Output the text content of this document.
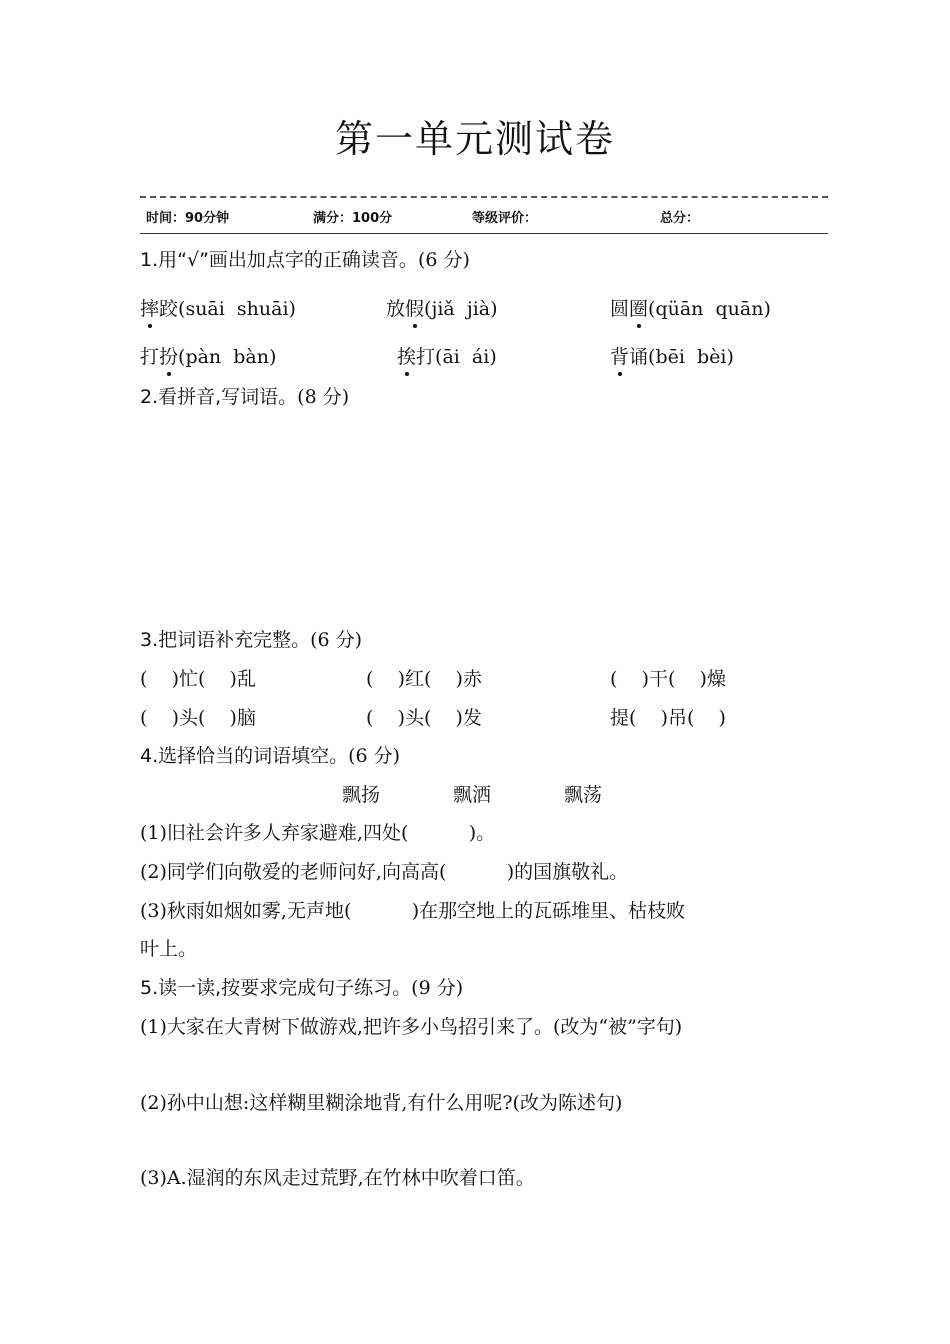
第一单元测试卷
时间：90分钟	满分：100分	等级评价：	总分：
1.用“√”画出加点字的正确读音。(6 分)
摔跤(suāi  shuāi)	放假(jiǎ  jià)	圆圈(qüān  quān)
打扮(pàn  bàn)	挨打(āi  ái)	背诵(bēi  bèi)
2.看拼音,写词语。(8 分)
3.把词语补充完整。(6 分)
(    )忙(    )乱	(    )红(    )赤	(    )干(    )燥
(    )头(    )脑	(    )头(    )发	提(    )吊(    )
4.选择恰当的词语填空。(6 分)
飘扬	飘洒	飘荡
(1)旧社会许多人弃家避难,四处(          )。
(2)同学们向敬爱的老师问好,向高高(          )的国旗敬礼。
(3)秋雨如烟如雾,无声地(          )在那空地上的瓦砾堆里、枯枝败
叶上。
5.读一读,按要求完成句子练习。(9 分)
(1)大家在大青树下做游戏,把许多小鸟招引来了。(改为“被”字句)
(2)孙中山想:这样糊里糊涂地背,有什么用呢?(改为陈述句)
(3)A.湿润的东风走过荒野,在竹林中吹着口笛。
